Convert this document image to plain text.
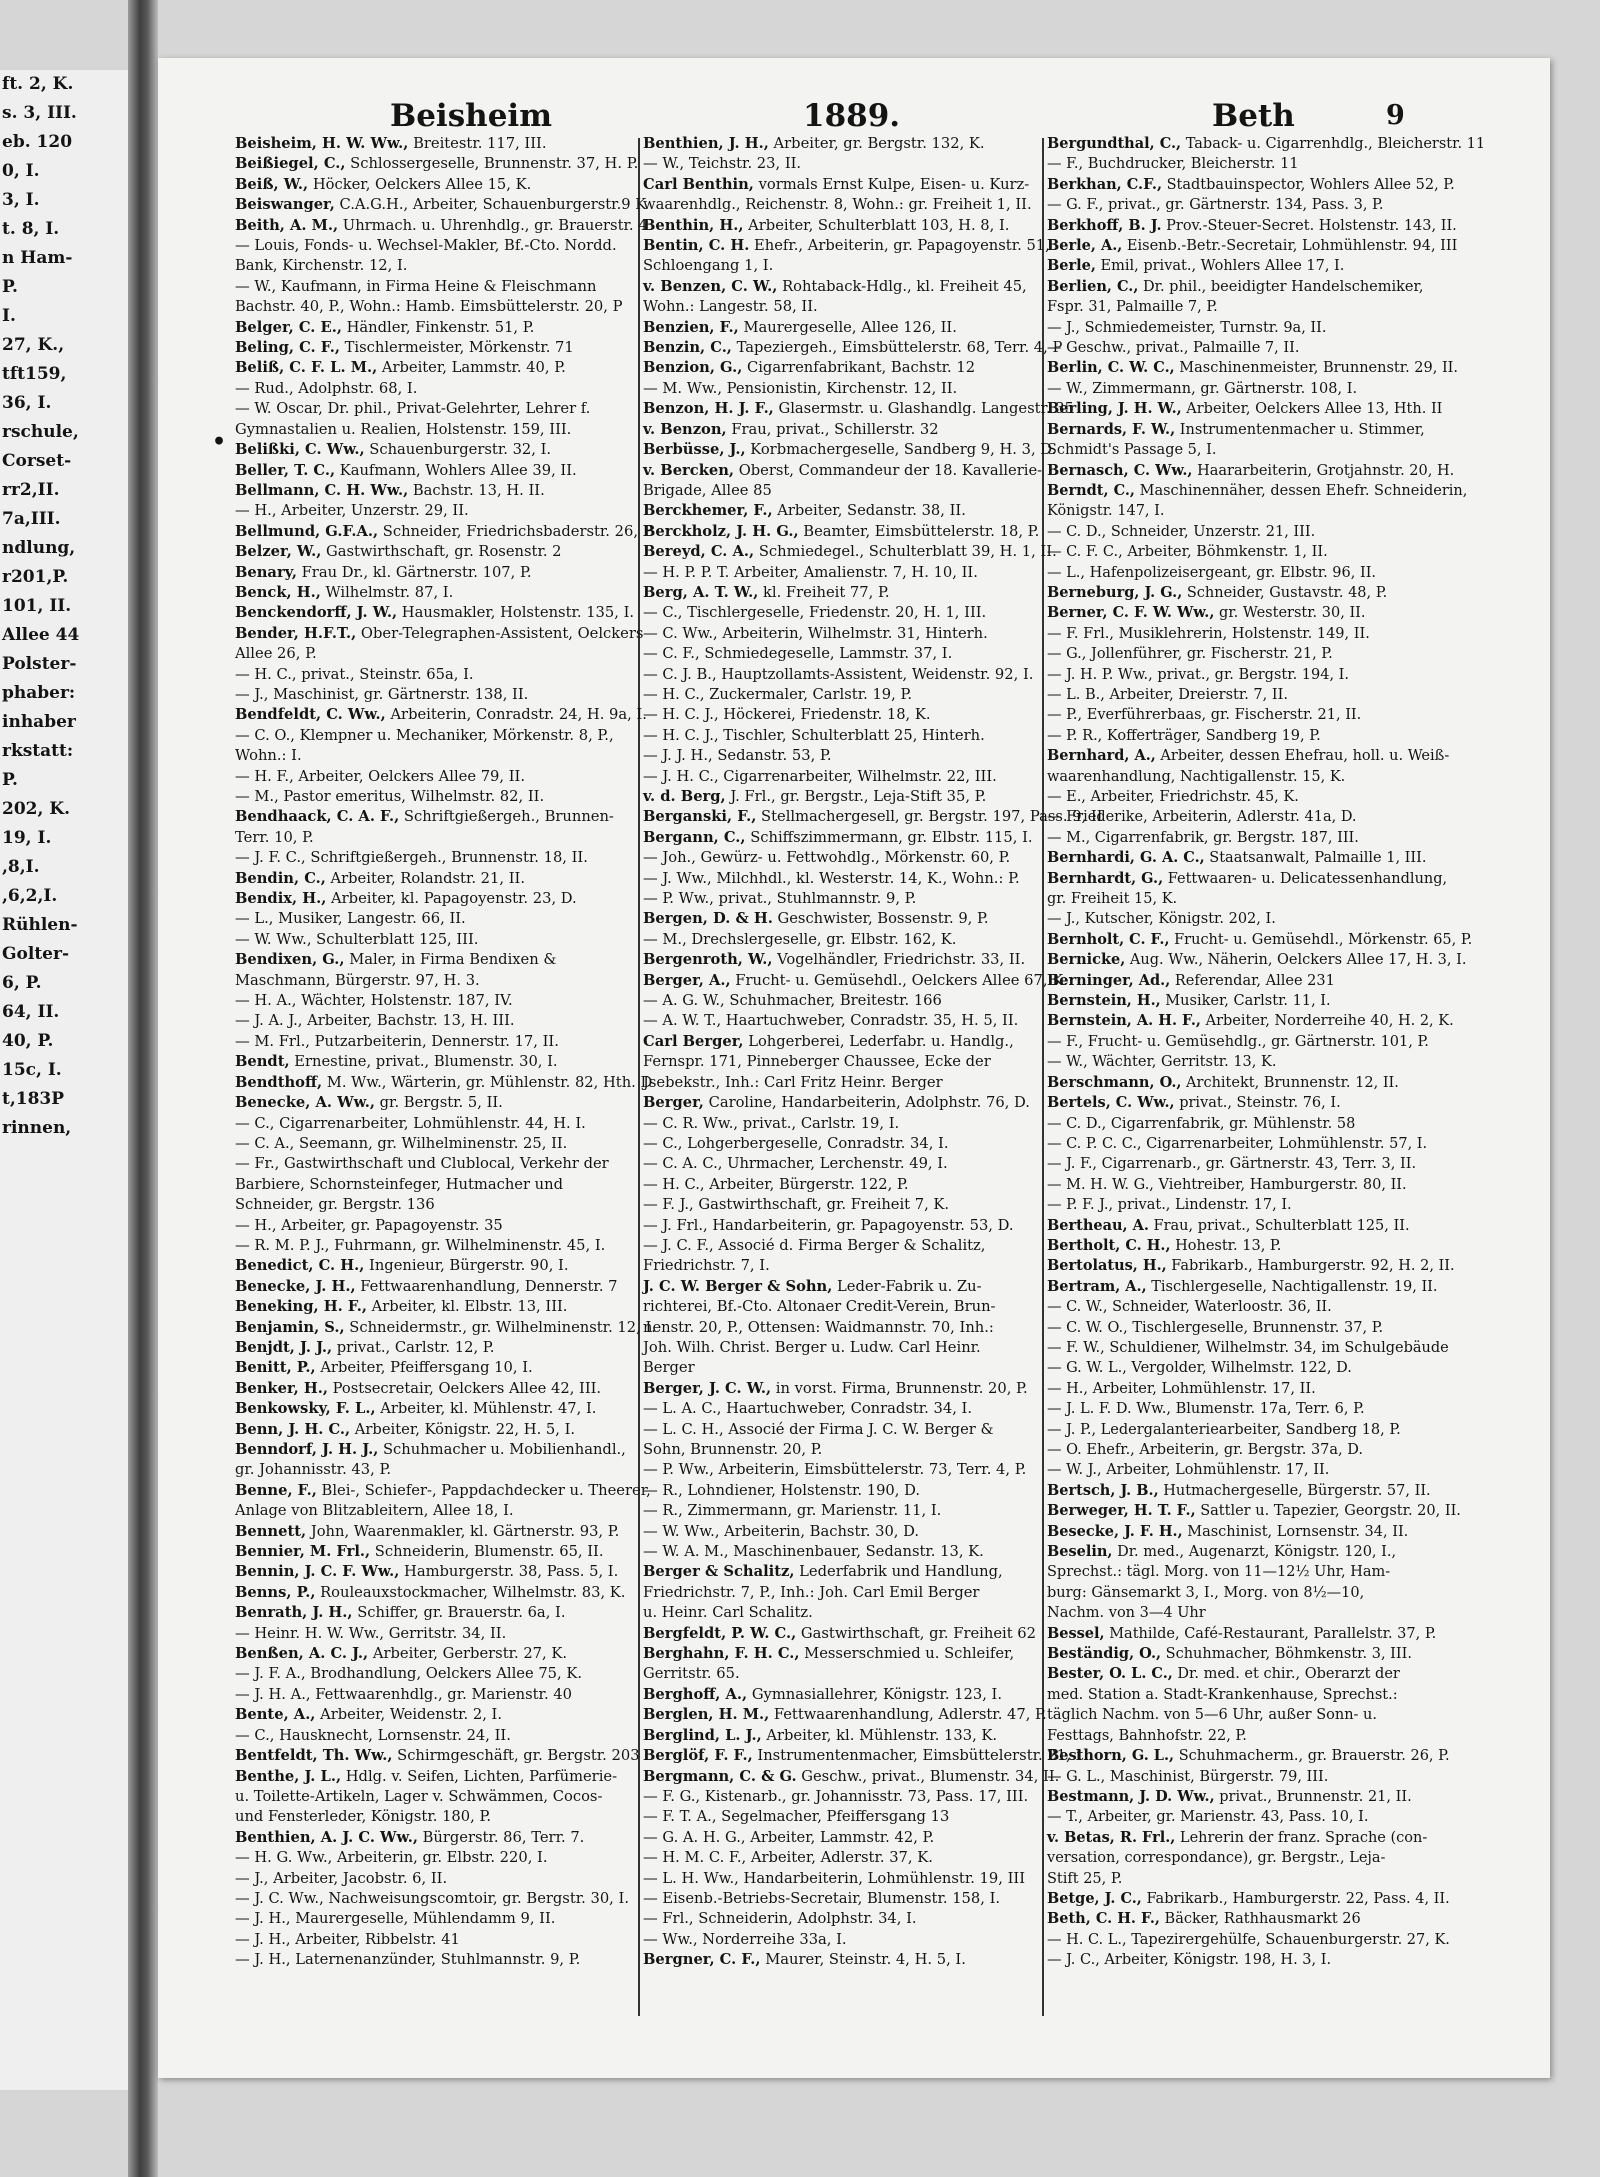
ft. 2, K.
s. 3, III.
eb. 120
0, I.
3, I.
t. 8, I.
n Ham-
P.
I.
27, K.,
tft159,
36, I.
rschule,
Corset-
rr2,II.
7a,III.
ndlung,
r201,P.
101, II.
Allee 44
Polster-
phaber:
inhaber
rkstatt:
P.
202, K.
19, I.
,8,I.
,6,2,I.
Rühlen-
Golter-
6, P.
64, II.
40, P.
15c, I.
t,183P
rinnen,
Beisheim	1889.	Beth	9
•
Beisheim, H. W. Ww., Breitestr. 117, III.
Beißiegel, C., Schlossergeselle, Brunnenstr. 37, H. P.
Beiß, W., Höcker, Oelckers Allee 15, K.
Beiswanger, C.A.G.H., Arbeiter, Schauenburgerstr.9 K
Beith, A. M., Uhrmach. u. Uhrenhdlg., gr. Brauerstr. 4
— Louis, Fonds- u. Wechsel-Makler, Bf.-Cto. Nordd.
Bank, Kirchenstr. 12, I.
— W., Kaufmann, in Firma Heine & Fleischmann
Bachstr. 40, P., Wohn.: Hamb. Eimsbüttelerstr. 20, P
Belger, C. E., Händler, Finkenstr. 51, P.
Beling, C. F., Tischlermeister, Mörkenstr. 71
Beliß, C. F. L. M., Arbeiter, Lammstr. 40, P.
— Rud., Adolphstr. 68, I.
— W. Oscar, Dr. phil., Privat-Gelehrter, Lehrer f.
Gymnastalien u. Realien, Holstenstr. 159, III.
Belißki, C. Ww., Schauenburgerstr. 32, I.
Beller, T. C., Kaufmann, Wohlers Allee 39, II.
Bellmann, C. H. Ww., Bachstr. 13, H. II.
— H., Arbeiter, Unzerstr. 29, II.
Bellmund, G.F.A., Schneider, Friedrichsbaderstr. 26, P
Belzer, W., Gastwirthschaft, gr. Rosenstr. 2
Benary, Frau Dr., kl. Gärtnerstr. 107, P.
Benck, H., Wilhelmstr. 87, I.
Benckendorff, J. W., Hausmakler, Holstenstr. 135, I.
Bender, H.F.T., Ober-Telegraphen-Assistent, Oelckers
Allee 26, P.
— H. C., privat., Steinstr. 65a, I.
— J., Maschinist, gr. Gärtnerstr. 138, II.
Bendfeldt, C. Ww., Arbeiterin, Conradstr. 24, H. 9a, I.
— C. O., Klempner u. Mechaniker, Mörkenstr. 8, P.,
Wohn.: I.
— H. F., Arbeiter, Oelckers Allee 79, II.
— M., Pastor emeritus, Wilhelmstr. 82, II.
Bendhaack, C. A. F., Schriftgießergeh., Brunnen-
Terr. 10, P.
— J. F. C., Schriftgießergeh., Brunnenstr. 18, II.
Bendin, C., Arbeiter, Rolandstr. 21, II.
Bendix, H., Arbeiter, kl. Papagoyenstr. 23, D.
— L., Musiker, Langestr. 66, II.
— W. Ww., Schulterblatt 125, III.
Bendixen, G., Maler, in Firma Bendixen &
Maschmann, Bürgerstr. 97, H. 3.
— H. A., Wächter, Holstenstr. 187, IV.
— J. A. J., Arbeiter, Bachstr. 13, H. III.
— M. Frl., Putzarbeiterin, Dennerstr. 17, II.
Bendt, Ernestine, privat., Blumenstr. 30, I.
Bendthoff, M. Ww., Wärterin, gr. Mühlenstr. 82, Hth. D
Benecke, A. Ww., gr. Bergstr. 5, II.
— C., Cigarrenarbeiter, Lohmühlenstr. 44, H. I.
— C. A., Seemann, gr. Wilhelminenstr. 25, II.
— Fr., Gastwirthschaft und Clublocal, Verkehr der
Barbiere, Schornsteinfeger, Hutmacher und
Schneider, gr. Bergstr. 136
— H., Arbeiter, gr. Papagoyenstr. 35
— R. M. P. J., Fuhrmann, gr. Wilhelminenstr. 45, I.
Benedict, C. H., Ingenieur, Bürgerstr. 90, I.
Benecke, J. H., Fettwaarenhandlung, Dennerstr. 7
Beneking, H. F., Arbeiter, kl. Elbstr. 13, III.
Benjamin, S., Schneidermstr., gr. Wilhelminenstr. 12, I.
Benjdt, J. J., privat., Carlstr. 12, P.
Benitt, P., Arbeiter, Pfeiffersgang 10, I.
Benker, H., Postsecretair, Oelckers Allee 42, III.
Benkowsky, F. L., Arbeiter, kl. Mühlenstr. 47, I.
Benn, J. H. C., Arbeiter, Königstr. 22, H. 5, I.
Benndorf, J. H. J., Schuhmacher u. Mobilienhandl.,
gr. Johannisstr. 43, P.
Benne, F., Blei-, Schiefer-, Pappdachdecker u. Theerer,
Anlage von Blitzableitern, Allee 18, I.
Bennett, John, Waarenmakler, kl. Gärtnerstr. 93, P.
Bennier, M. Frl., Schneiderin, Blumenstr. 65, II.
Bennin, J. C. F. Ww., Hamburgerstr. 38, Pass. 5, I.
Benns, P., Rouleauxstockmacher, Wilhelmstr. 83, K.
Benrath, J. H., Schiffer, gr. Brauerstr. 6a, I.
— Heinr. H. W. Ww., Gerritstr. 34, II.
Benßen, A. C. J., Arbeiter, Gerberstr. 27, K.
— J. F. A., Brodhandlung, Oelckers Allee 75, K.
— J. H. A., Fettwaarenhdlg., gr. Marienstr. 40
Bente, A., Arbeiter, Weidenstr. 2, I.
— C., Hausknecht, Lornsenstr. 24, II.
Bentfeldt, Th. Ww., Schirmgeschäft, gr. Bergstr. 203
Benthe, J. L., Hdlg. v. Seifen, Lichten, Parfümerie-
u. Toilette-Artikeln, Lager v. Schwämmen, Cocos-
und Fensterleder, Königstr. 180, P.
Benthien, A. J. C. Ww., Bürgerstr. 86, Terr. 7.
— H. G. Ww., Arbeiterin, gr. Elbstr. 220, I.
— J., Arbeiter, Jacobstr. 6, II.
— J. C. Ww., Nachweisungscomtoir, gr. Bergstr. 30, I.
— J. H., Maurergeselle, Mühlendamm 9, II.
— J. H., Arbeiter, Ribbelstr. 41
— J. H., Laternenanzünder, Stuhlmannstr. 9, P.
Benthien, J. H., Arbeiter, gr. Bergstr. 132, K.
— W., Teichstr. 23, II.
Carl Benthin, vormals Ernst Kulpe, Eisen- u. Kurz-
waarenhdlg., Reichenstr. 8, Wohn.: gr. Freiheit 1, II.
Benthin, H., Arbeiter, Schulterblatt 103, H. 8, I.
Bentin, C. H. Ehefr., Arbeiterin, gr. Papagoyenstr. 51,
Schloengang 1, I.
v. Benzen, C. W., Rohtaback-Hdlg., kl. Freiheit 45,
Wohn.: Langestr. 58, II.
Benzien, F., Maurergeselle, Allee 126, II.
Benzin, C., Tapeziergeh., Eimsbüttelerstr. 68, Terr. 4, P
Benzion, G., Cigarrenfabrikant, Bachstr. 12
— M. Ww., Pensionistin, Kirchenstr. 12, II.
Benzon, H. J. F., Glasermstr. u. Glashandlg. Langestr. 35
v. Benzon, Frau, privat., Schillerstr. 32
Berbüsse, J., Korbmachergeselle, Sandberg 9, H. 3, D.
v. Bercken, Oberst, Commandeur der 18. Kavallerie-
Brigade, Allee 85
Berckhemer, F., Arbeiter, Sedanstr. 38, II.
Berckholz, J. H. G., Beamter, Eimsbüttelerstr. 18, P.
Bereyd, C. A., Schmiedegel., Schulterblatt 39, H. 1, II.
— H. P. P. T. Arbeiter, Amalienstr. 7, H. 10, II.
Berg, A. T. W., kl. Freiheit 77, P.
— C., Tischlergeselle, Friedenstr. 20, H. 1, III.
— C. Ww., Arbeiterin, Wilhelmstr. 31, Hinterh.
— C. F., Schmiedegeselle, Lammstr. 37, I.
— C. J. B., Hauptzollamts-Assistent, Weidenstr. 92, I.
— H. C., Zuckermaler, Carlstr. 19, P.
— H. C. J., Höckerei, Friedenstr. 18, K.
— H. C. J., Tischler, Schulterblatt 25, Hinterh.
— J. J. H., Sedanstr. 53, P.
— J. H. C., Cigarrenarbeiter, Wilhelmstr. 22, III.
v. d. Berg, J. Frl., gr. Bergstr., Leja-Stift 35, P.
Berganski, F., Stellmachergesell, gr. Bergstr. 197, Pass. 9, II
Bergann, C., Schiffszimmermann, gr. Elbstr. 115, I.
— Joh., Gewürz- u. Fettwohdlg., Mörkenstr. 60, P.
— J. Ww., Milchhdl., kl. Westerstr. 14, K., Wohn.: P.
— P. Ww., privat., Stuhlmannstr. 9, P.
Bergen, D. & H. Geschwister, Bossenstr. 9, P.
— M., Drechslergeselle, gr. Elbstr. 162, K.
Bergenroth, W., Vogelhändler, Friedrichstr. 33, II.
Berger, A., Frucht- u. Gemüsehdl., Oelckers Allee 67, K.
— A. G. W., Schuhmacher, Breitestr. 166
— A. W. T., Haartuchweber, Conradstr. 35, H. 5, II.
Carl Berger, Lohgerberei, Lederfabr. u. Handlg.,
Fernspr. 171, Pinneberger Chaussee, Ecke der
Jsebekstr., Inh.: Carl Fritz Heinr. Berger
Berger, Caroline, Handarbeiterin, Adolphstr. 76, D.
— C. R. Ww., privat., Carlstr. 19, I.
— C., Lohgerbergeselle, Conradstr. 34, I.
— C. A. C., Uhrmacher, Lerchenstr. 49, I.
— H. C., Arbeiter, Bürgerstr. 122, P.
— F. J., Gastwirthschaft, gr. Freiheit 7, K.
— J. Frl., Handarbeiterin, gr. Papagoyenstr. 53, D.
— J. C. F., Associé d. Firma Berger & Schalitz,
Friedrichstr. 7, I.
J. C. W. Berger & Sohn, Leder-Fabrik u. Zu-
richterei, Bf.-Cto. Altonaer Credit-Verein, Brun-
nenstr. 20, P., Ottensen: Waidmannstr. 70, Inh.:
Joh. Wilh. Christ. Berger u. Ludw. Carl Heinr.
Berger
Berger, J. C. W., in vorst. Firma, Brunnenstr. 20, P.
— L. A. C., Haartuchweber, Conradstr. 34, I.
— L. C. H., Associé der Firma J. C. W. Berger &
Sohn, Brunnenstr. 20, P.
— P. Ww., Arbeiterin, Eimsbüttelerstr. 73, Terr. 4, P.
— R., Lohndiener, Holstenstr. 190, D.
— R., Zimmermann, gr. Marienstr. 11, I.
— W. Ww., Arbeiterin, Bachstr. 30, D.
— W. A. M., Maschinenbauer, Sedanstr. 13, K.
Berger & Schalitz, Lederfabrik und Handlung,
Friedrichstr. 7, P., Inh.: Joh. Carl Emil Berger
u. Heinr. Carl Schalitz.
Bergfeldt, P. W. C., Gastwirthschaft, gr. Freiheit 62
Berghahn, F. H. C., Messerschmied u. Schleifer,
Gerritstr. 65.
Berghoff, A., Gymnasiallehrer, Königstr. 123, I.
Berglen, H. M., Fettwaarenhandlung, Adlerstr. 47, P.
Berglind, L. J., Arbeiter, kl. Mühlenstr. 133, K.
Berglöf, F. F., Instrumentenmacher, Eimsbüttelerstr. 21, I
Bergmann, C. & G. Geschw., privat., Blumenstr. 34, II.
— F. G., Kistenarb., gr. Johannisstr. 73, Pass. 17, III.
— F. T. A., Segelmacher, Pfeiffersgang 13
— G. A. H. G., Arbeiter, Lammstr. 42, P.
— H. M. C. F., Arbeiter, Adlerstr. 37, K.
— L. H. Ww., Handarbeiterin, Lohmühlenstr. 19, III
— Eisenb.-Betriebs-Secretair, Blumenstr. 158, I.
— Frl., Schneiderin, Adolphstr. 34, I.
— Ww., Norderreihe 33a, I.
Bergner, C. F., Maurer, Steinstr. 4, H. 5, I.
Bergundthal, C., Taback- u. Cigarrenhdlg., Bleicherstr. 11
— F., Buchdrucker, Bleicherstr. 11
Berkhan, C.F., Stadtbauinspector, Wohlers Allee 52, P.
— G. F., privat., gr. Gärtnerstr. 134, Pass. 3, P.
Berkhoff, B. J. Prov.-Steuer-Secret. Holstenstr. 143, II.
Berle, A., Eisenb.-Betr.-Secretair, Lohmühlenstr. 94, III
Berle, Emil, privat., Wohlers Allee 17, I.
Berlien, C., Dr. phil., beeidigter Handelschemiker,
Fspr. 31, Palmaille 7, P.
— J., Schmiedemeister, Turnstr. 9a, II.
— Geschw., privat., Palmaille 7, II.
Berlin, C. W. C., Maschinenmeister, Brunnenstr. 29, II.
— W., Zimmermann, gr. Gärtnerstr. 108, I.
Berling, J. H. W., Arbeiter, Oelckers Allee 13, Hth. II
Bernards, F. W., Instrumentenmacher u. Stimmer,
Schmidt's Passage 5, I.
Bernasch, C. Ww., Haararbeiterin, Grotjahnstr. 20, H.
Berndt, C., Maschinennäher, dessen Ehefr. Schneiderin,
Königstr. 147, I.
— C. D., Schneider, Unzerstr. 21, III.
— C. F. C., Arbeiter, Böhmkenstr. 1, II.
— L., Hafenpolizeisergeant, gr. Elbstr. 96, II.
Berneburg, J. G., Schneider, Gustavstr. 48, P.
Berner, C. F. W. Ww., gr. Westerstr. 30, II.
— F. Frl., Musiklehrerin, Holstenstr. 149, II.
— G., Jollenführer, gr. Fischerstr. 21, P.
— J. H. P. Ww., privat., gr. Bergstr. 194, I.
— L. B., Arbeiter, Dreierstr. 7, II.
— P., Everführerbaas, gr. Fischerstr. 21, II.
— P. R., Kofferträger, Sandberg 19, P.
Bernhard, A., Arbeiter, dessen Ehefrau, holl. u. Weiß-
waarenhandlung, Nachtigallenstr. 15, K.
— E., Arbeiter, Friedrichstr. 45, K.
— Friederike, Arbeiterin, Adlerstr. 41a, D.
— M., Cigarrenfabrik, gr. Bergstr. 187, III.
Bernhardi, G. A. C., Staatsanwalt, Palmaille 1, III.
Bernhardt, G., Fettwaaren- u. Delicatessenhandlung,
gr. Freiheit 15, K.
— J., Kutscher, Königstr. 202, I.
Bernholt, C. F., Frucht- u. Gemüsehdl., Mörkenstr. 65, P.
Bernicke, Aug. Ww., Näherin, Oelckers Allee 17, H. 3, I.
Berninger, Ad., Referendar, Allee 231
Bernstein, H., Musiker, Carlstr. 11, I.
Bernstein, A. H. F., Arbeiter, Norderreihe 40, H. 2, K.
— F., Frucht- u. Gemüsehdlg., gr. Gärtnerstr. 101, P.
— W., Wächter, Gerritstr. 13, K.
Berschmann, O., Architekt, Brunnenstr. 12, II.
Bertels, C. Ww., privat., Steinstr. 76, I.
— C. D., Cigarrenfabrik, gr. Mühlenstr. 58
— C. P. C. C., Cigarrenarbeiter, Lohmühlenstr. 57, I.
— J. F., Cigarrenarb., gr. Gärtnerstr. 43, Terr. 3, II.
— M. H. W. G., Viehtreiber, Hamburgerstr. 80, II.
— P. F. J., privat., Lindenstr. 17, I.
Bertheau, A. Frau, privat., Schulterblatt 125, II.
Bertholt, C. H., Hohestr. 13, P.
Bertolatus, H., Fabrikarb., Hamburgerstr. 92, H. 2, II.
Bertram, A., Tischlergeselle, Nachtigallenstr. 19, II.
— C. W., Schneider, Waterloostr. 36, II.
— C. W. O., Tischlergeselle, Brunnenstr. 37, P.
— F. W., Schuldiener, Wilhelmstr. 34, im Schulgebäude
— G. W. L., Vergolder, Wilhelmstr. 122, D.
— H., Arbeiter, Lohmühlenstr. 17, II.
— J. L. F. D. Ww., Blumenstr. 17a, Terr. 6, P.
— J. P., Ledergalanteriearbeiter, Sandberg 18, P.
— O. Ehefr., Arbeiterin, gr. Bergstr. 37a, D.
— W. J., Arbeiter, Lohmühlenstr. 17, II.
Bertsch, J. B., Hutmachergeselle, Bürgerstr. 57, II.
Berweger, H. T. F., Sattler u. Tapezier, Georgstr. 20, II.
Besecke, J. F. H., Maschinist, Lornsenstr. 34, II.
Beselin, Dr. med., Augenarzt, Königstr. 120, I.,
Sprechst.: tägl. Morg. von 11—12½ Uhr, Ham-
burg: Gänsemarkt 3, I., Morg. von 8½—10,
Nachm. von 3—4 Uhr
Bessel, Mathilde, Café-Restaurant, Parallelstr. 37, P.
Beständig, O., Schuhmacher, Böhmkenstr. 3, III.
Bester, O. L. C., Dr. med. et chir., Oberarzt der
med. Station a. Stadt-Krankenhause, Sprechst.:
täglich Nachm. von 5—6 Uhr, außer Sonn- u.
Festtags, Bahnhofstr. 22, P.
Besthorn, G. L., Schuhmacherm., gr. Brauerstr. 26, P.
— G. L., Maschinist, Bürgerstr. 79, III.
Bestmann, J. D. Ww., privat., Brunnenstr. 21, II.
— T., Arbeiter, gr. Marienstr. 43, Pass. 10, I.
v. Betas, R. Frl., Lehrerin der franz. Sprache (con-
versation, correspondance), gr. Bergstr., Leja-
Stift 25, P.
Betge, J. C., Fabrikarb., Hamburgerstr. 22, Pass. 4, II.
Beth, C. H. F., Bäcker, Rathhausmarkt 26
— H. C. L., Tapezirergehülfe, Schauenburgerstr. 27, K.
— J. C., Arbeiter, Königstr. 198, H. 3, I.
